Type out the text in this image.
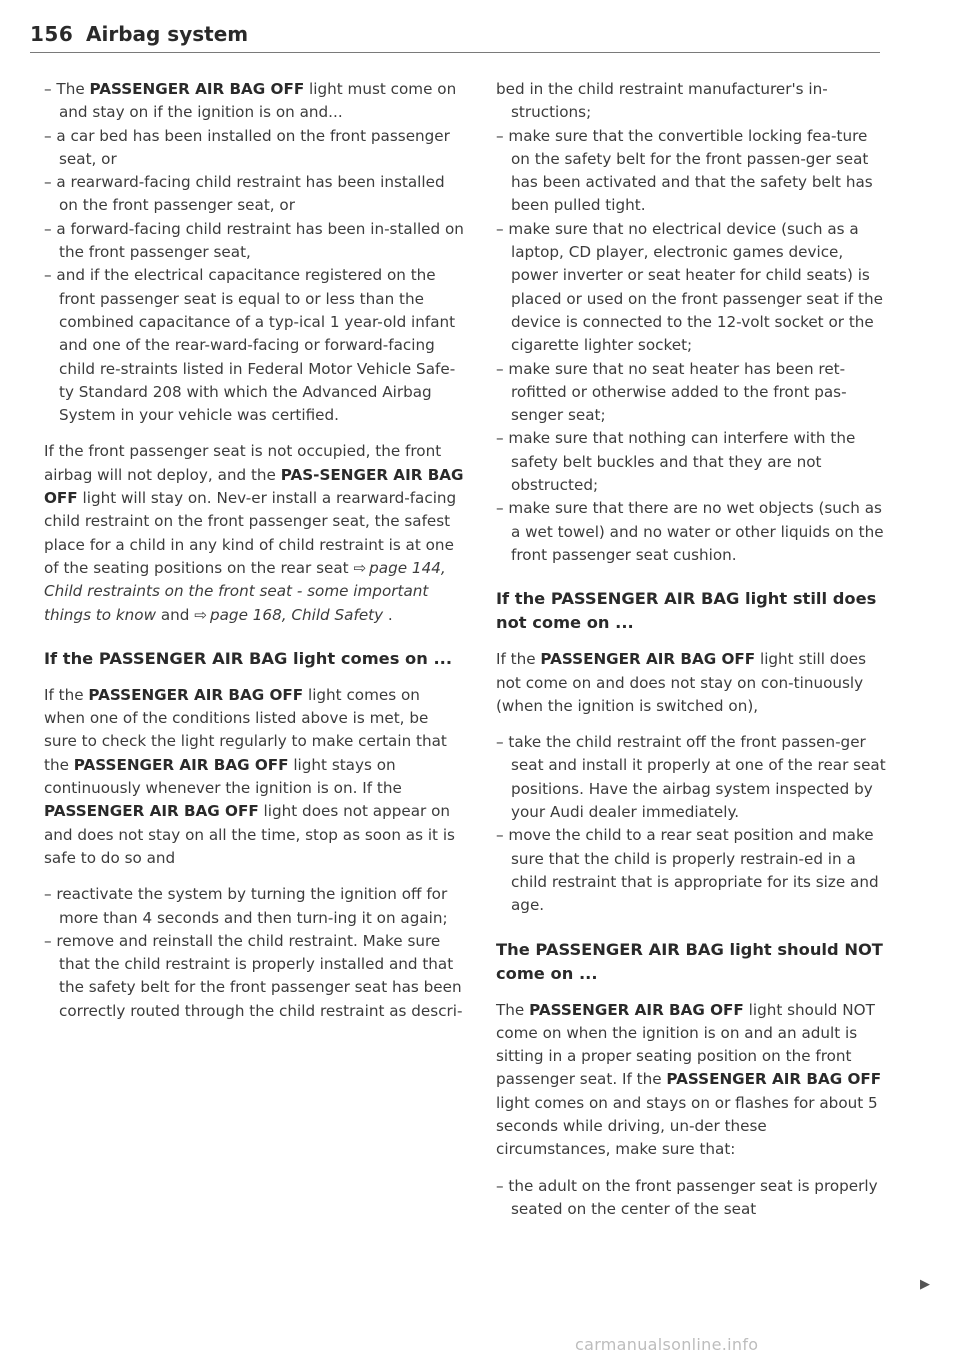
156 Airbag system
– The PASSENGER AIR BAG OFF light must come on and stay on if the ignition is on and...
– a car bed has been installed on the front passenger seat, or
– a rearward-facing child restraint has been installed on the front passenger seat, or
– a forward-facing child restraint has been in-stalled on the front passenger seat,
– and if the electrical capacitance registered on the front passenger seat is equal to or less than the combined capacitance of a typ-ical 1 year-old infant and one of the rear-ward-facing or forward-facing child re-straints listed in Federal Motor Vehicle Safe-ty Standard 208 with which the Advanced Airbag System in your vehicle was certified.

If the front passenger seat is not occupied, the front airbag will not deploy, and the PAS-SENGER AIR BAG OFF light will stay on. Nev-er install a rearward-facing child restraint on the front passenger seat, the safest place for a child in any kind of child restraint is at one of the seating positions on the rear seat ⇨ page 144, Child restraints on the front seat - some important things to know and ⇨ page 168, Child Safety .

If the PASSENGER AIR BAG light comes on ...

If the PASSENGER AIR BAG OFF light comes on when one of the conditions listed above is met, be sure to check the light regularly to make certain that the PASSENGER AIR BAG OFF light stays on continuously whenever the ignition is on. If the PASSENGER AIR BAG OFF light does not appear on and does not stay on all the time, stop as soon as it is safe to do so and

– reactivate the system by turning the ignition off for more than 4 seconds and then turn-ing it on again;
– remove and reinstall the child restraint. Make sure that the child restraint is properly installed and that the safety belt for the front passenger seat has been correctly routed through the child restraint as descri-
bed in the child restraint manufacturer's in-structions;
– make sure that the convertible locking fea-ture on the safety belt for the front passen-ger seat has been activated and that the safety belt has been pulled tight.
– make sure that no electrical device (such as a laptop, CD player, electronic games device, power inverter or seat heater for child seats) is placed or used on the front passenger seat if the device is connected to the 12-volt socket or the cigarette lighter socket;
– make sure that no seat heater has been ret-rofitted or otherwise added to the front pas-senger seat;
– make sure that nothing can interfere with the safety belt buckles and that they are not obstructed;
– make sure that there are no wet objects (such as a wet towel) and no water or other liquids on the front passenger seat cushion.
If the PASSENGER AIR BAG light still does not come on ...

If the PASSENGER AIR BAG OFF light still does not come on and does not stay on con-tinuously (when the ignition is switched on),

– take the child restraint off the front passen-ger seat and install it properly at one of the rear seat positions. Have the airbag system inspected by your Audi dealer immediately.
– move the child to a rear seat position and make sure that the child is properly restrain-ed in a child restraint that is appropriate for its size and age.
The PASSENGER AIR BAG light should NOT come on ...

The PASSENGER AIR BAG OFF light should NOT come on when the ignition is on and an adult is sitting in a proper seating position on the front passenger seat. If the PASSENGER AIR BAG OFF light comes on and stays on or flashes for about 5 seconds while driving, un-der these circumstances, make sure that:

– the adult on the front passenger seat is properly seated on the center of the seat
▶
carmanualsonline.info
